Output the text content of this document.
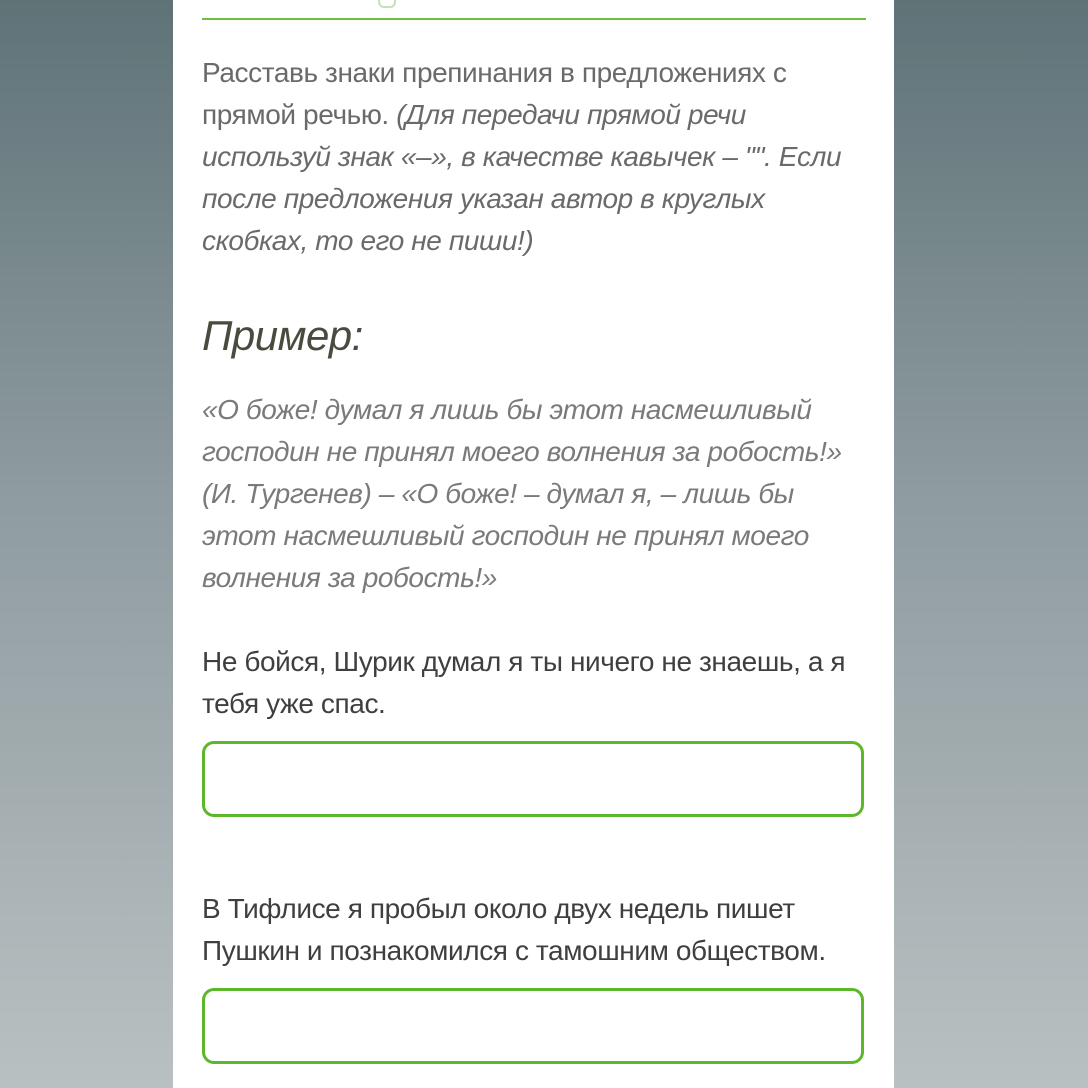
Расставь знаки препинания в предложениях с прямой речью. (Для передачи прямой речи используй знак «–», в качестве кавычек – "". Если после предложения указан автор в круглых скобках, то его не пиши!)
Пример:
«О боже! думал я лишь бы этот насмешливый господин не принял моего волнения за робость!» (И. Тургенев) – «О боже! – думал я, – лишь бы этот насмешливый господин не принял моего волнения за робость!»
Не бойся, Шурик думал я ты ничего не знаешь, а я тебя уже спас.
В Тифлисе я пробыл около двух недель пишет Пушкин и познакомился с тамошним обществом.
